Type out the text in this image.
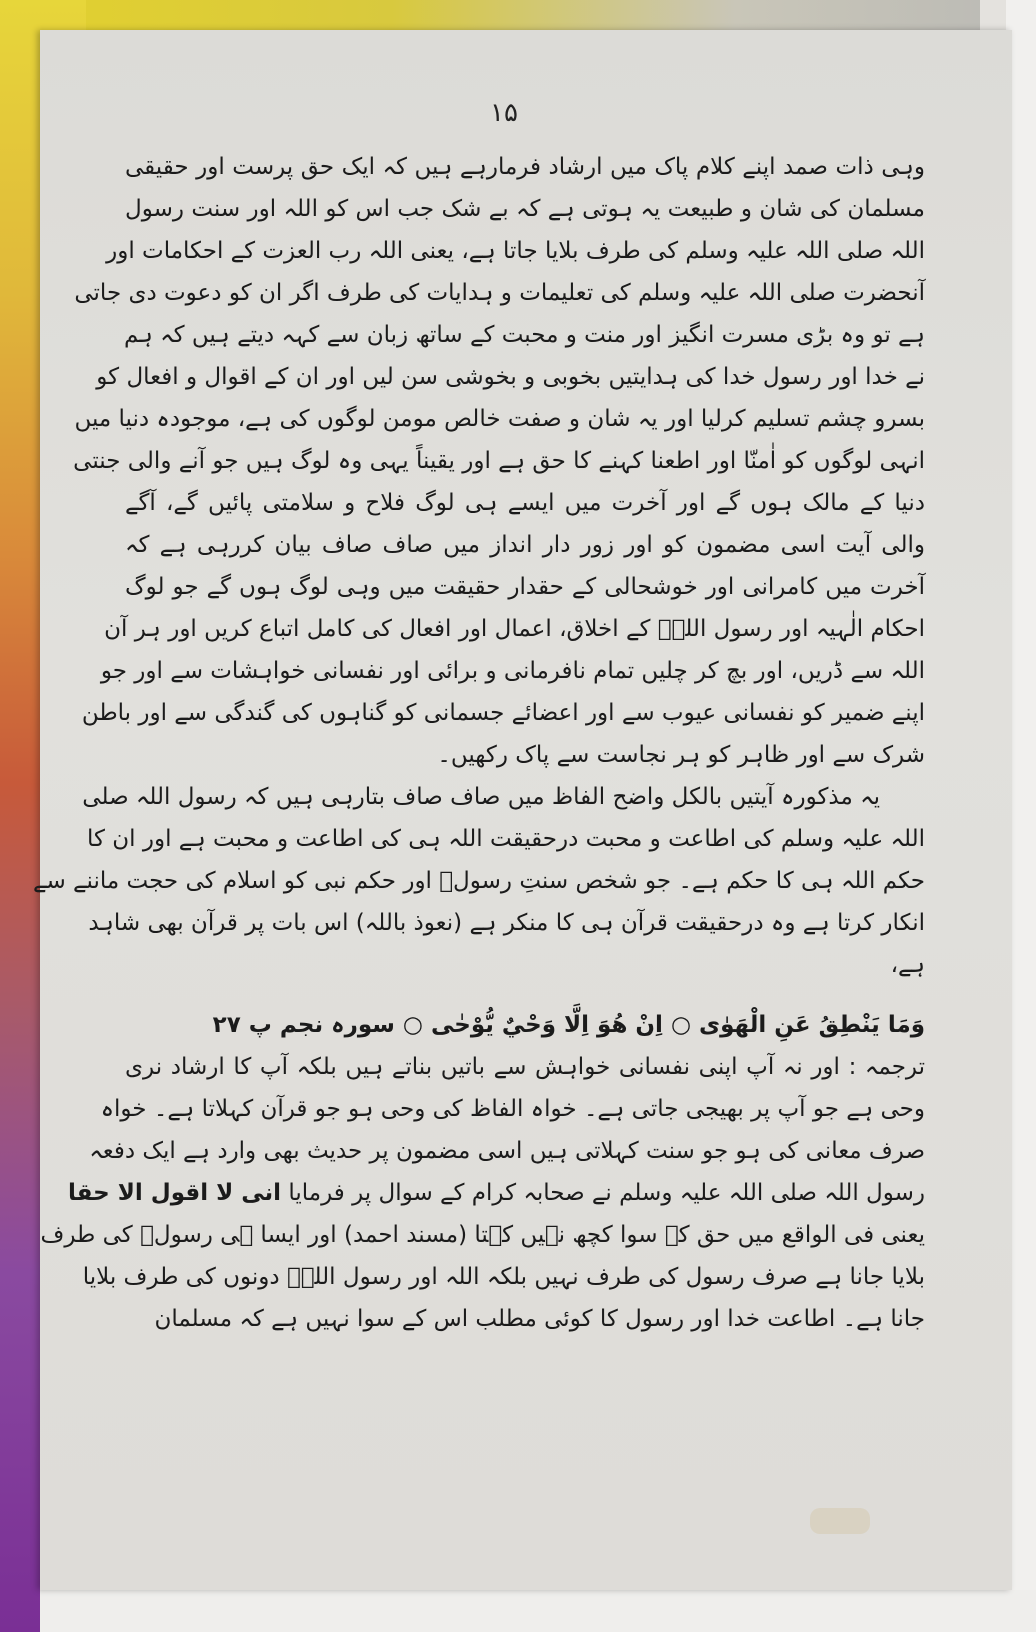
۱۵
وہی ذات صمد اپنے کلام پاک میں ارشاد فرمارہے ہیں کہ ایک حق پرست اور حقیقی
مسلمان کی شان و طبیعت یہ ہوتی ہے کہ بے شک جب اس کو اللہ اور سنت رسول
اللہ صلی اللہ علیہ وسلم کی طرف بلایا جاتا ہے، یعنی اللہ رب العزت کے احکامات اور
آنحضرت صلی اللہ علیہ وسلم کی تعلیمات و ہدایات کی طرف اگر ان کو دعوت دی جاتی
ہے تو وہ بڑی مسرت انگیز اور منت و محبت کے ساتھ زبان سے کہہ دیتے ہیں کہ ہم
نے خدا اور رسول خدا کی ہدایتیں بخوبی و بخوشی سن لیں اور ان کے اقوال و افعال کو
بسرو چشم تسلیم کرلیا اور یہ شان و صفت خالص مومن لوگوں کی ہے، موجودہ دنیا میں
انہی لوگوں کو اٰمنّا اور اطعنا کہنے کا حق ہے اور یقیناً یہی وہ لوگ ہیں جو آنے والی جنتی
دنیا کے مالک ہوں گے اور آخرت میں ایسے ہی لوگ فلاح و سلامتی پائیں گے، آگے
والی آیت اسی مضمون کو اور زور دار انداز میں صاف صاف بیان کررہی ہے کہ
آخرت میں کامرانی اور خوشحالی کے حقدار حقیقت میں وہی لوگ ہوں گے جو لوگ
احکام الٰہیہ اور رسول اللہؐ کے اخلاق، اعمال اور افعال کی کامل اتباع کریں اور ہر آن
اللہ سے ڈریں، اور بچ کر چلیں تمام نافرمانی و برائی اور نفسانی خواہشات سے اور جو
اپنے ضمیر کو نفسانی عیوب سے اور اعضائے جسمانی کو گناہوں کی گندگی سے اور باطن
شرک سے اور ظاہر کو ہر نجاست سے پاک رکھیں۔
یہ مذکورہ آیتیں بالکل واضح الفاظ میں صاف صاف بتارہی ہیں کہ رسول اللہ صلی
اللہ علیہ وسلم کی اطاعت و محبت درحقیقت اللہ ہی کی اطاعت و محبت ہے اور ان کا
حکم اللہ ہی کا حکم ہے۔ جو شخص سنتِ رسولؐ اور حکم نبی کو اسلام کی حجت ماننے سے
انکار کرتا ہے وہ درحقیقت قرآن ہی کا منکر ہے (نعوذ باللہ) اس بات پر قرآن بھی شاہد
ہے،
وَمَا يَنْطِقُ عَنِ الْهَوٰى ○ اِنْ هُوَ اِلَّا وَحْيٌ يُّوْحٰى ○ سورہ نجم پ ۲۷
ترجمہ : اور نہ آپ اپنی نفسانی خواہش سے باتیں بناتے ہیں بلکہ آپ کا ارشاد نری
وحی ہے جو آپ پر بھیجی جاتی ہے۔ خواہ الفاظ کی وحی ہو جو قرآن کہلاتا ہے۔ خواہ
صرف معانی کی ہو جو سنت کہلاتی ہیں اسی مضمون پر حدیث بھی وارد ہے ایک دفعہ
رسول اللہ صلی اللہ علیہ وسلم نے صحابہ کرام کے سوال پر فرمایا انی لا اقول الا حقا
یعنی فی الواقع میں حق کے سوا کچھ نہیں کہتا (مسند احمد) اور ایسا ہی رسولؐ کی طرف
بلایا جانا ہے صرف رسول کی طرف نہیں بلکہ اللہ اور رسول اللہؐ دونوں کی طرف بلایا
جانا ہے۔ اطاعت خدا اور رسول کا کوئی مطلب اس کے سوا نہیں ہے کہ مسلمان
